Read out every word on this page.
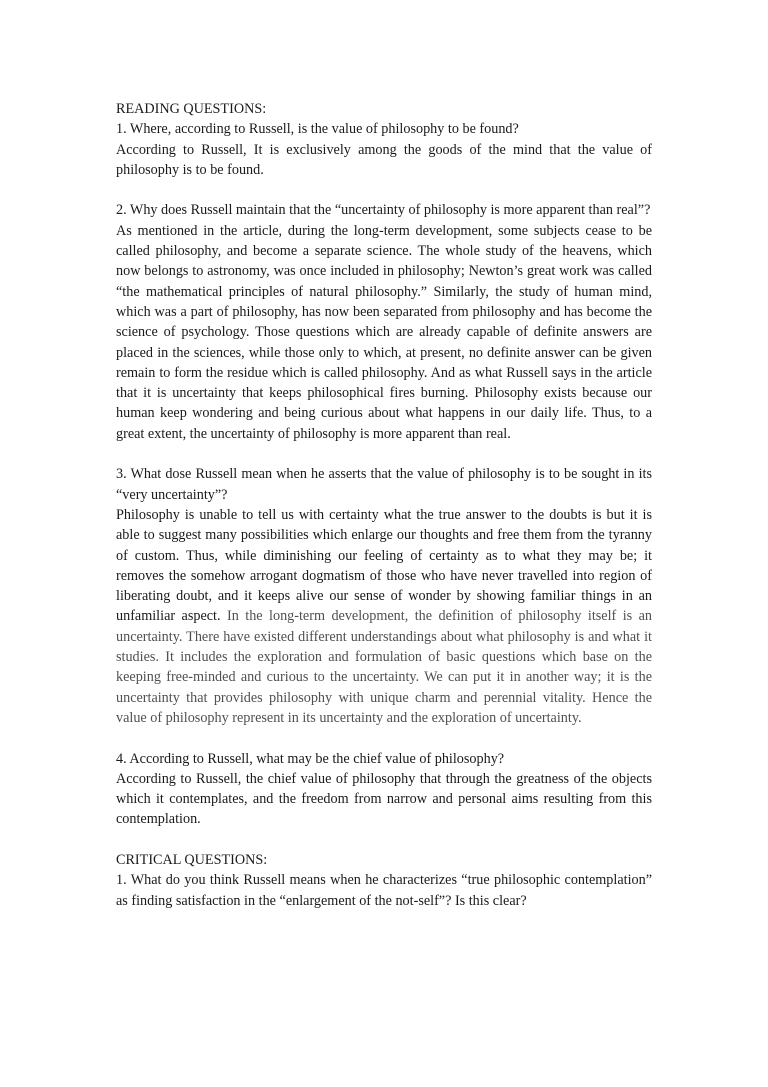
READING QUESTIONS:

1. Where, according to Russell, is the value of philosophy to be found?

According to Russell, It is exclusively among the goods of the mind that the value of philosophy is to be found.

2. Why does Russell maintain that the “uncertainty of philosophy is more apparent than real”?

As mentioned in the article, during the long-term development, some subjects cease to be called philosophy, and become a separate science. The whole study of the heavens, which now belongs to astronomy, was once included in philosophy; Newton’s great work was called “the mathematical principles of natural philosophy.” Similarly, the study of human mind, which was a part of philosophy, has now been separated from philosophy and has become the science of psychology. Those questions which are already capable of definite answers are placed in the sciences, while those only to which, at present, no definite answer can be given remain to form the residue which is called philosophy. And as what Russell says in the article that it is uncertainty that keeps philosophical fires burning. Philosophy exists because our human keep wondering and being curious about what happens in our daily life. Thus, to a great extent, the uncertainty of philosophy is more apparent than real.

3. What dose Russell mean when he asserts that the value of philosophy is to be sought in its “very uncertainty”?

Philosophy is unable to tell us with certainty what the true answer to the doubts is but it is able to suggest many possibilities which enlarge our thoughts and free them from the tyranny of custom. Thus, while diminishing our feeling of certainty as to what they may be; it removes the somehow arrogant dogmatism of those who have never travelled into region of liberating doubt, and it keeps alive our sense of wonder by showing familiar things in an unfamiliar aspect. In the long-term development, the definition of philosophy itself is an uncertainty. There have existed different understandings about what philosophy is and what it studies. It includes the exploration and formulation of basic questions which base on the keeping free-minded and curious to the uncertainty. We can put it in another way; it is the uncertainty that provides philosophy with unique charm and perennial vitality. Hence the value of philosophy represent in its uncertainty and the exploration of uncertainty.

4. According to Russell, what may be the chief value of philosophy?

According to Russell, the chief value of philosophy that through the greatness of the objects which it contemplates, and the freedom from narrow and personal aims resulting from this contemplation.

CRITICAL QUESTIONS:

1. What do you think Russell means when he characterizes “true philosophic contemplation” as finding satisfaction in the “enlargement of the not-self”? Is this clear?
